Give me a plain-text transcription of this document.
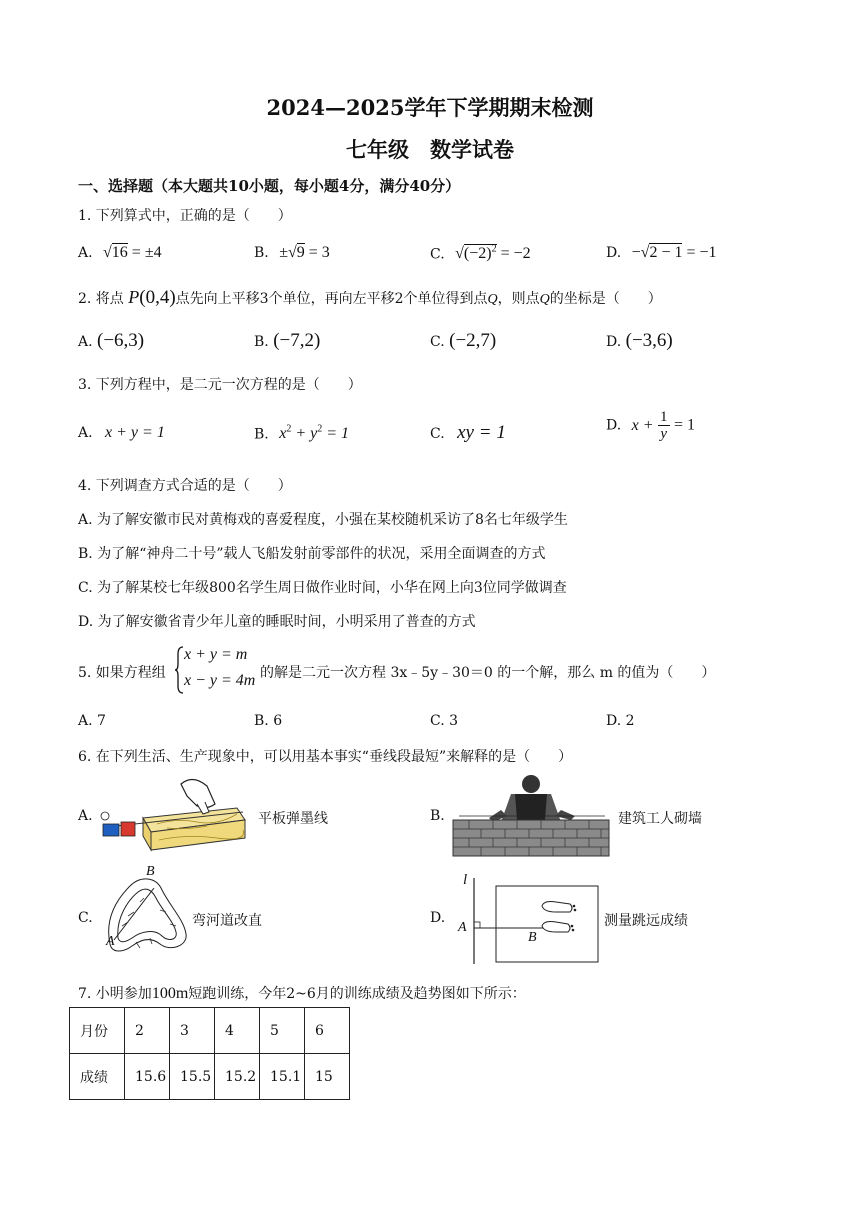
2024—2025学年下学期期末检测
七年级　数学试卷
一、选择题（本大题共10小题，每小题4分，满分40分）
1. 下列算式中，正确的是（　　）
A. √16 = ±4	B. ±√9 = 3	C. $√(-2)^2 = -2$	D. −√2 − 1 = −1
2. 将点 P(0,4)点先向上平移3个单位，再向左平移2个单位得到点Q，则点Q的坐标是（　　）
A. (−6,3)	B. (−7,2)	C. (−2,7)	D. (−3,6)
3. 下列方程中，是二元一次方程的是（　　）
A. x + y = 1	B. $x^2 + y^2 = 1$	C. xy = 1	D. $x + \frac{1}{y} = 1$
4. 下列调查方式合适的是（　　）
A. 为了解安徽市民对黄梅戏的喜爱程度，小强在某校随机采访了8名七年级学生
B. 为了解“神舟二十号”载人飞船发射前零部件的状况，采用全面调查的方式
C. 为了解某校七年级800名学生周日做作业时间，小华在网上向3位同学做调查
D. 为了解安徽省青少年儿童的睡眠时间，小明采用了普查的方式
5. 如果方程组
x + y = m
x − y = 4m 的解是二元一次方程 3x﹣5y﹣30＝0 的一个解，那么 m 的值为（　　）
A. 7	B. 6	C. 3	D. 2
6. 在下列生活、生产现象中，可以用基本事实“垂线段最短”来解释的是（　　）
A.	平板弹墨线	B.	建筑工人砌墙
C.
B
A
弯河道改直	D.
l
A
B
测量跳远成绩
7. 小明参加100m短跑训练，今年2~6月的训练成绩及趋势图如下所示：
月份	2	3	4	5	6
成绩	15.6	15.5	15.2	15.1	15
